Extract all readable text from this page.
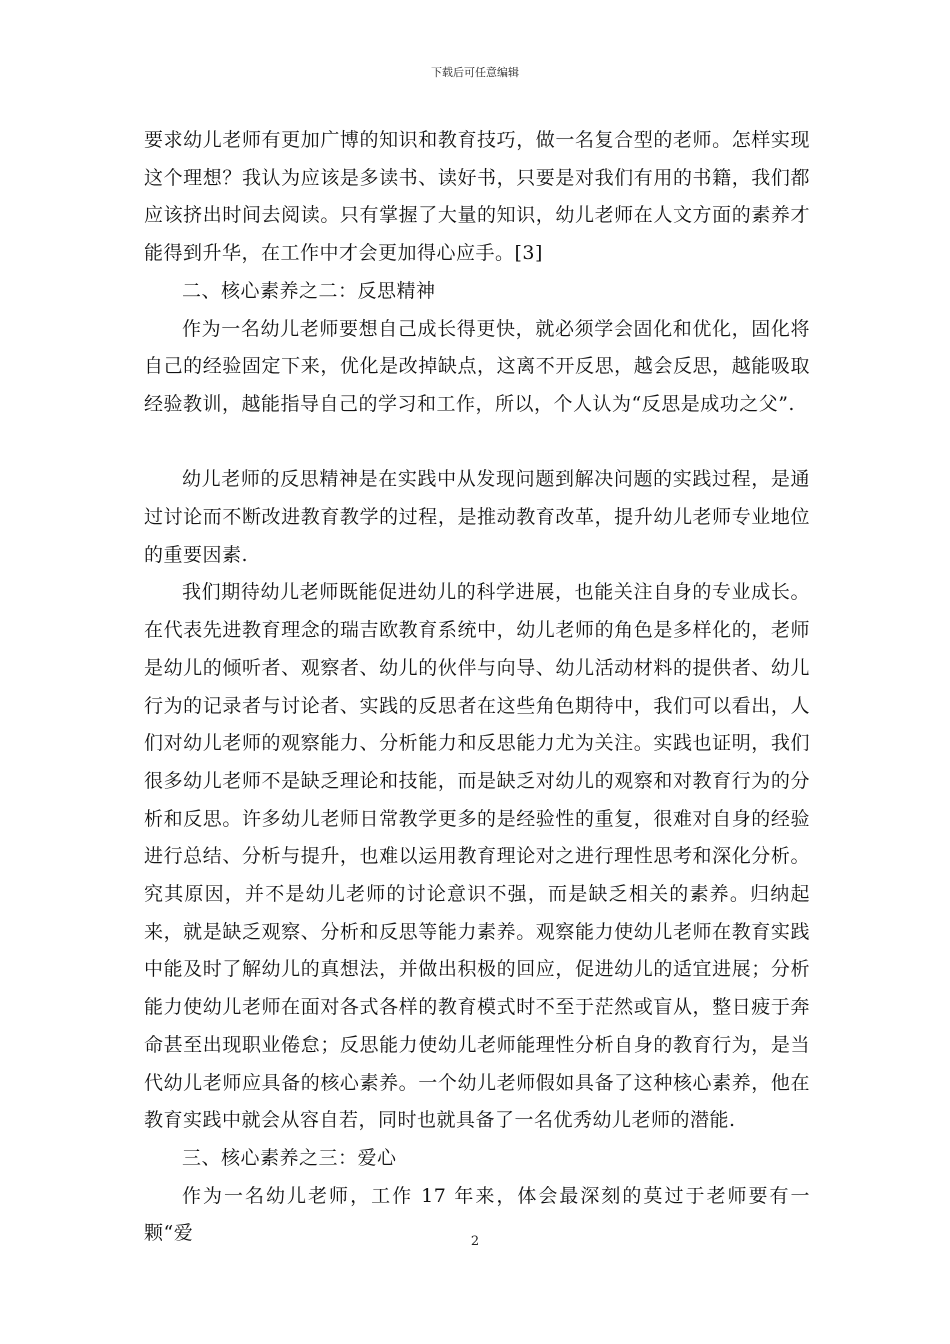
下载后可任意编辑

要求幼儿老师有更加广博的知识和教育技巧，做一名复合型的老师。怎样实现这个理想？我认为应该是多读书、读好书，只要是对我们有用的书籍，我们都应该挤出时间去阅读。只有掌握了大量的知识，幼儿老师在人文方面的素养才能得到升华，在工作中才会更加得心应手。[3]

二、核心素养之二：反思精神

作为一名幼儿老师要想自己成长得更快，就必须学会固化和优化，固化将自己的经验固定下来，优化是改掉缺点，这离不开反思，越会反思，越能吸取经验教训，越能指导自己的学习和工作，所以，个人认为“反思是成功之父”.

幼儿老师的反思精神是在实践中从发现问题到解决问题的实践过程，是通过讨论而不断改进教育教学的过程，是推动教育改革，提升幼儿老师专业地位的重要因素.

我们期待幼儿老师既能促进幼儿的科学进展，也能关注自身的专业成长。在代表先进教育理念的瑞吉欧教育系统中，幼儿老师的角色是多样化的，老师是幼儿的倾听者、观察者、幼儿的伙伴与向导、幼儿活动材料的提供者、幼儿行为的记录者与讨论者、实践的反思者在这些角色期待中，我们可以看出，人们对幼儿老师的观察能力、分析能力和反思能力尤为关注。实践也证明，我们很多幼儿老师不是缺乏理论和技能，而是缺乏对幼儿的观察和对教育行为的分析和反思。许多幼儿老师日常教学更多的是经验性的重复，很难对自身的经验进行总结、分析与提升，也难以运用教育理论对之进行理性思考和深化分析。究其原因，并不是幼儿老师的讨论意识不强，而是缺乏相关的素养。归纳起来，就是缺乏观察、分析和反思等能力素养。观察能力使幼儿老师在教育实践中能及时了解幼儿的真想法，并做出积极的回应，促进幼儿的适宜进展；分析能力使幼儿老师在面对各式各样的教育模式时不至于茫然或盲从，整日疲于奔命甚至出现职业倦怠；反思能力使幼儿老师能理性分析自身的教育行为，是当代幼儿老师应具备的核心素养。一个幼儿老师假如具备了这种核心素养，他在教育实践中就会从容自若，同时也就具备了一名优秀幼儿老师的潜能.

三、核心素养之三：爱心

作为一名幼儿老师，工作 17 年来，体会最深刻的莫过于老师要有一颗“爱	2
